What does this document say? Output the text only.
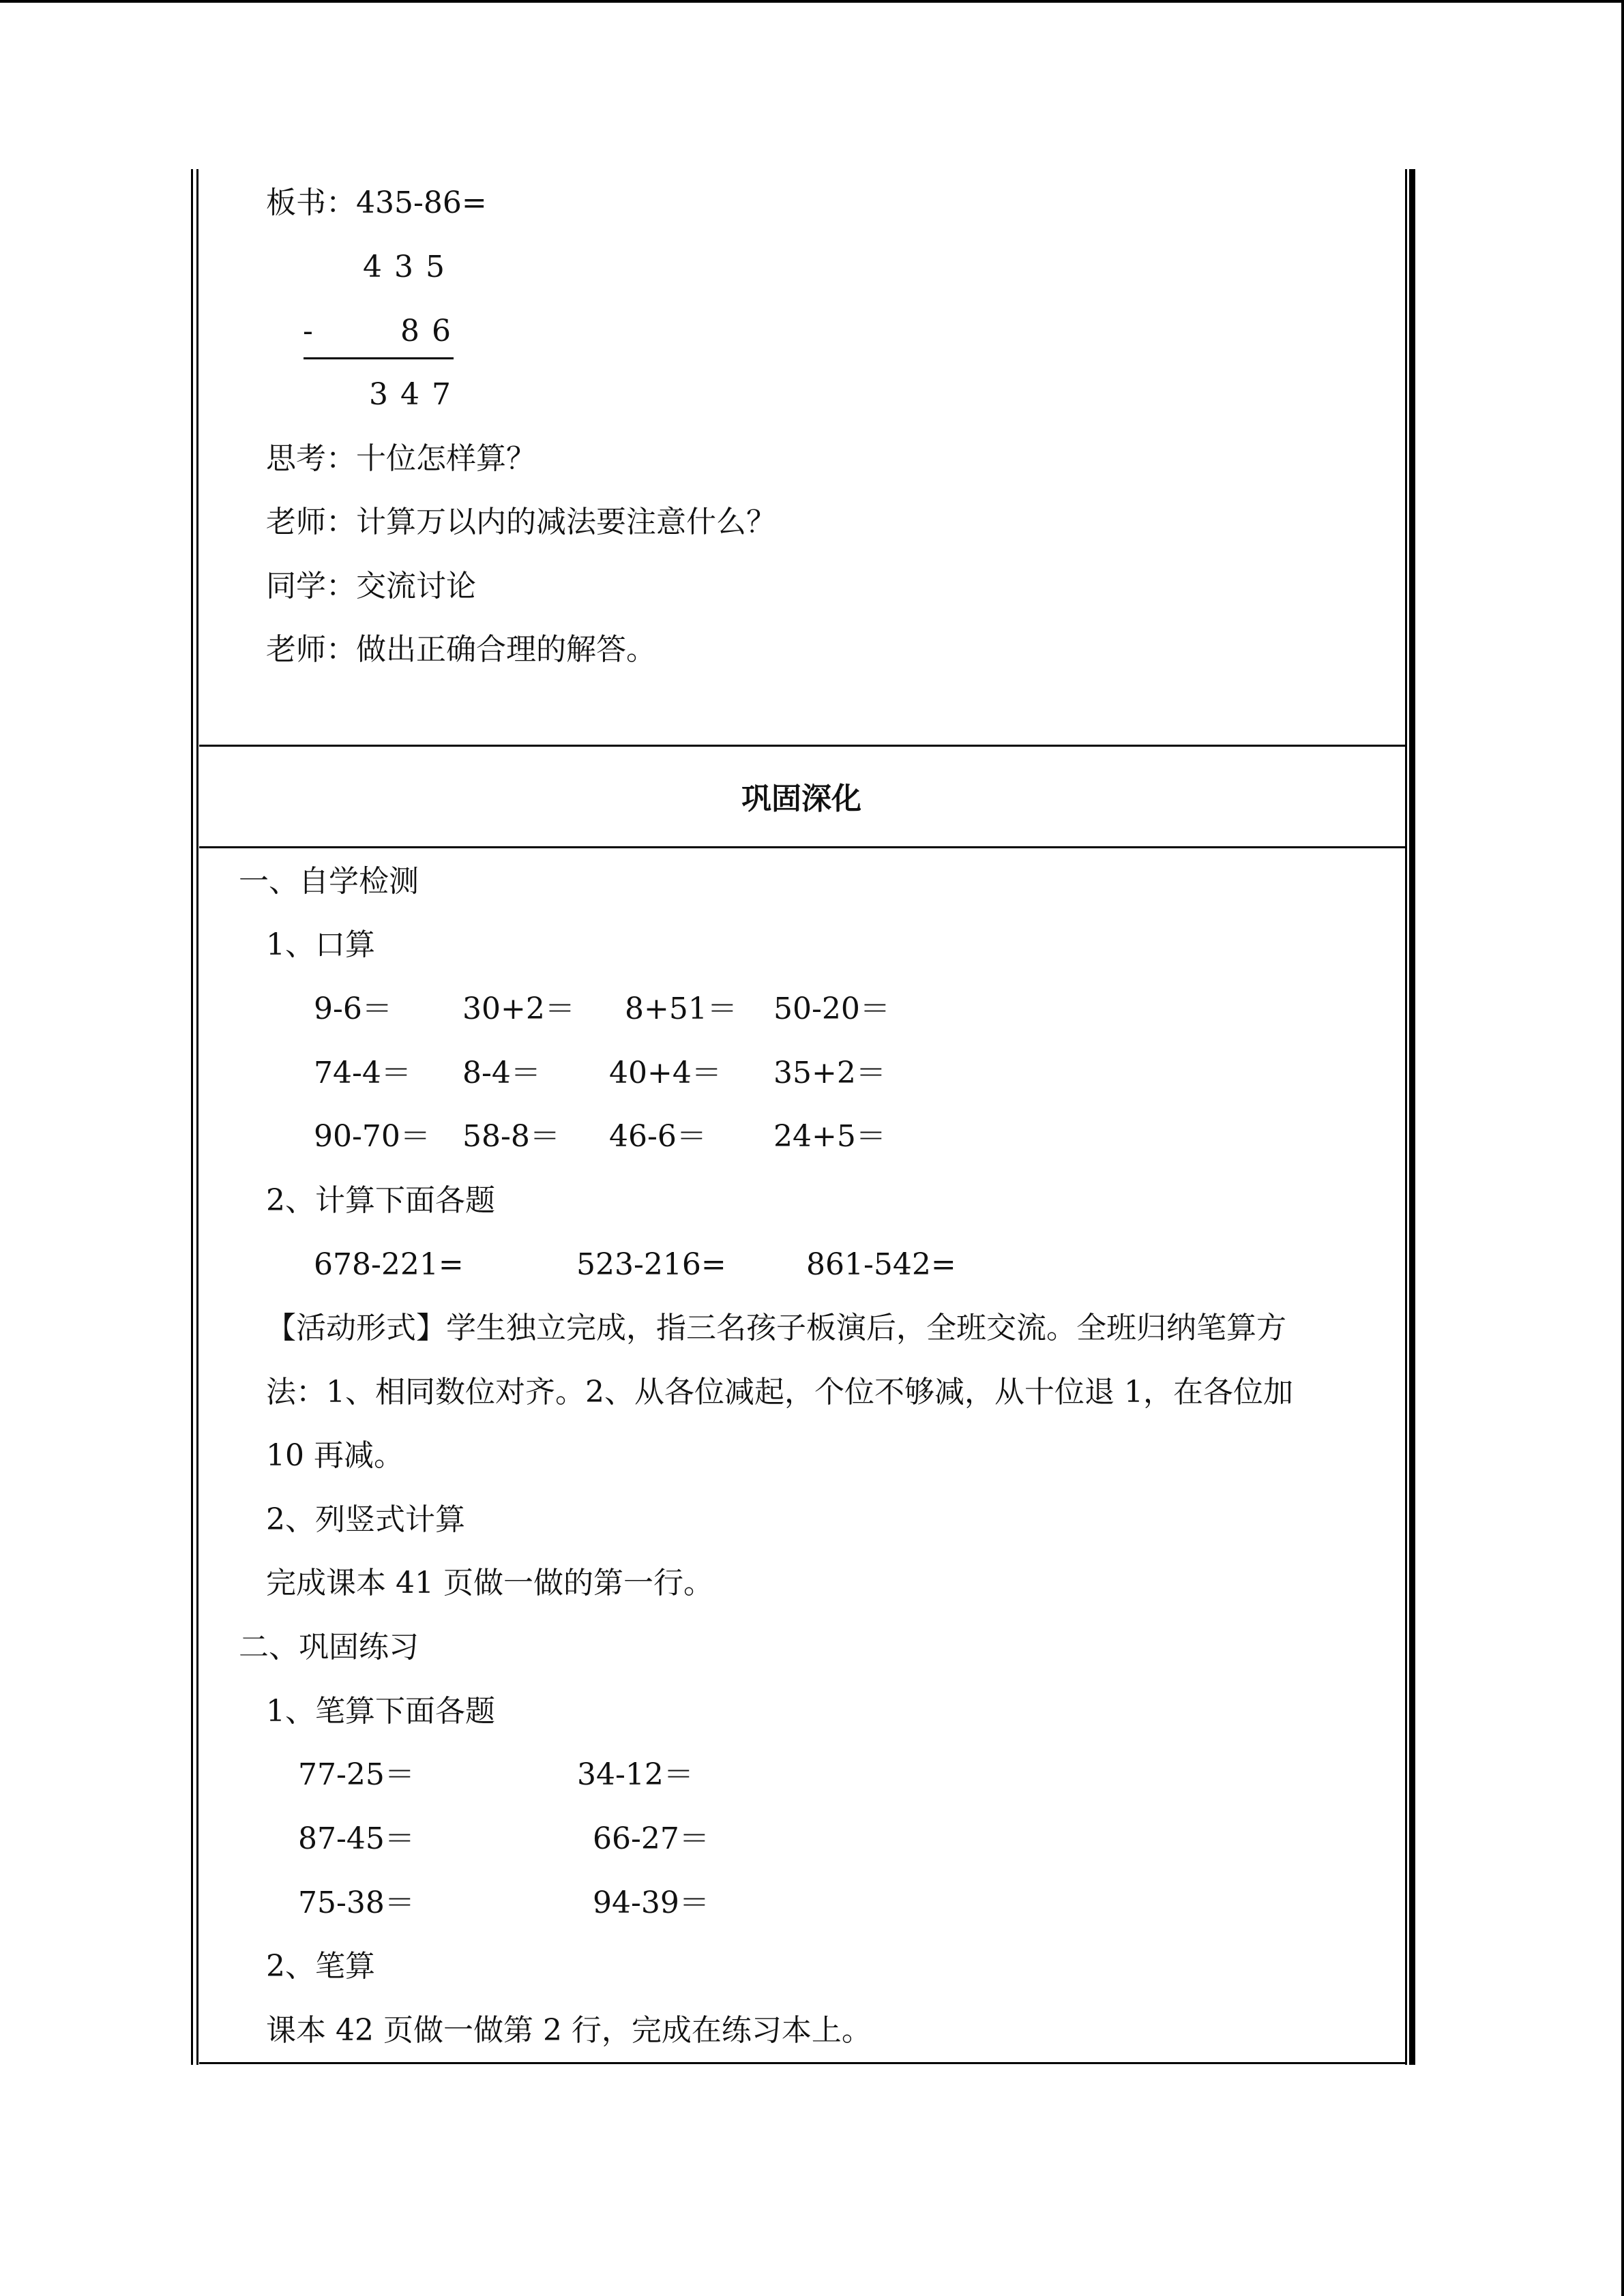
板书：435-86=
4 3 5
-	8 6
3 4 7
思考：十位怎样算？
老师：计算万以内的减法要注意什么？
同学：交流讨论
老师：做出正确合理的解答。
巩固深化
一、自学检测
1、口算
9-6＝ 30+2＝ 8+51＝ 50-20＝
74-4＝ 8-4＝ 40+4＝ 35+2＝
90-70＝ 58-8＝ 46-6＝ 24+5＝
2、计算下面各题
678-221=	523-216=	861-542=
【活动形式】学生独立完成，指三名孩子板演后，全班交流。全班归纳笔算方
法：1、相同数位对齐。2、从各位减起，个位不够减，从十位退 1，在各位加
10 再减。
2、列竖式计算
完成课本 41 页做一做的第一行。
二、巩固练习
1、笔算下面各题
77-25＝	34-12＝
87-45＝	66-27＝
75-38＝	94-39＝
2、笔算
课本 42 页做一做第 2 行，完成在练习本上。
